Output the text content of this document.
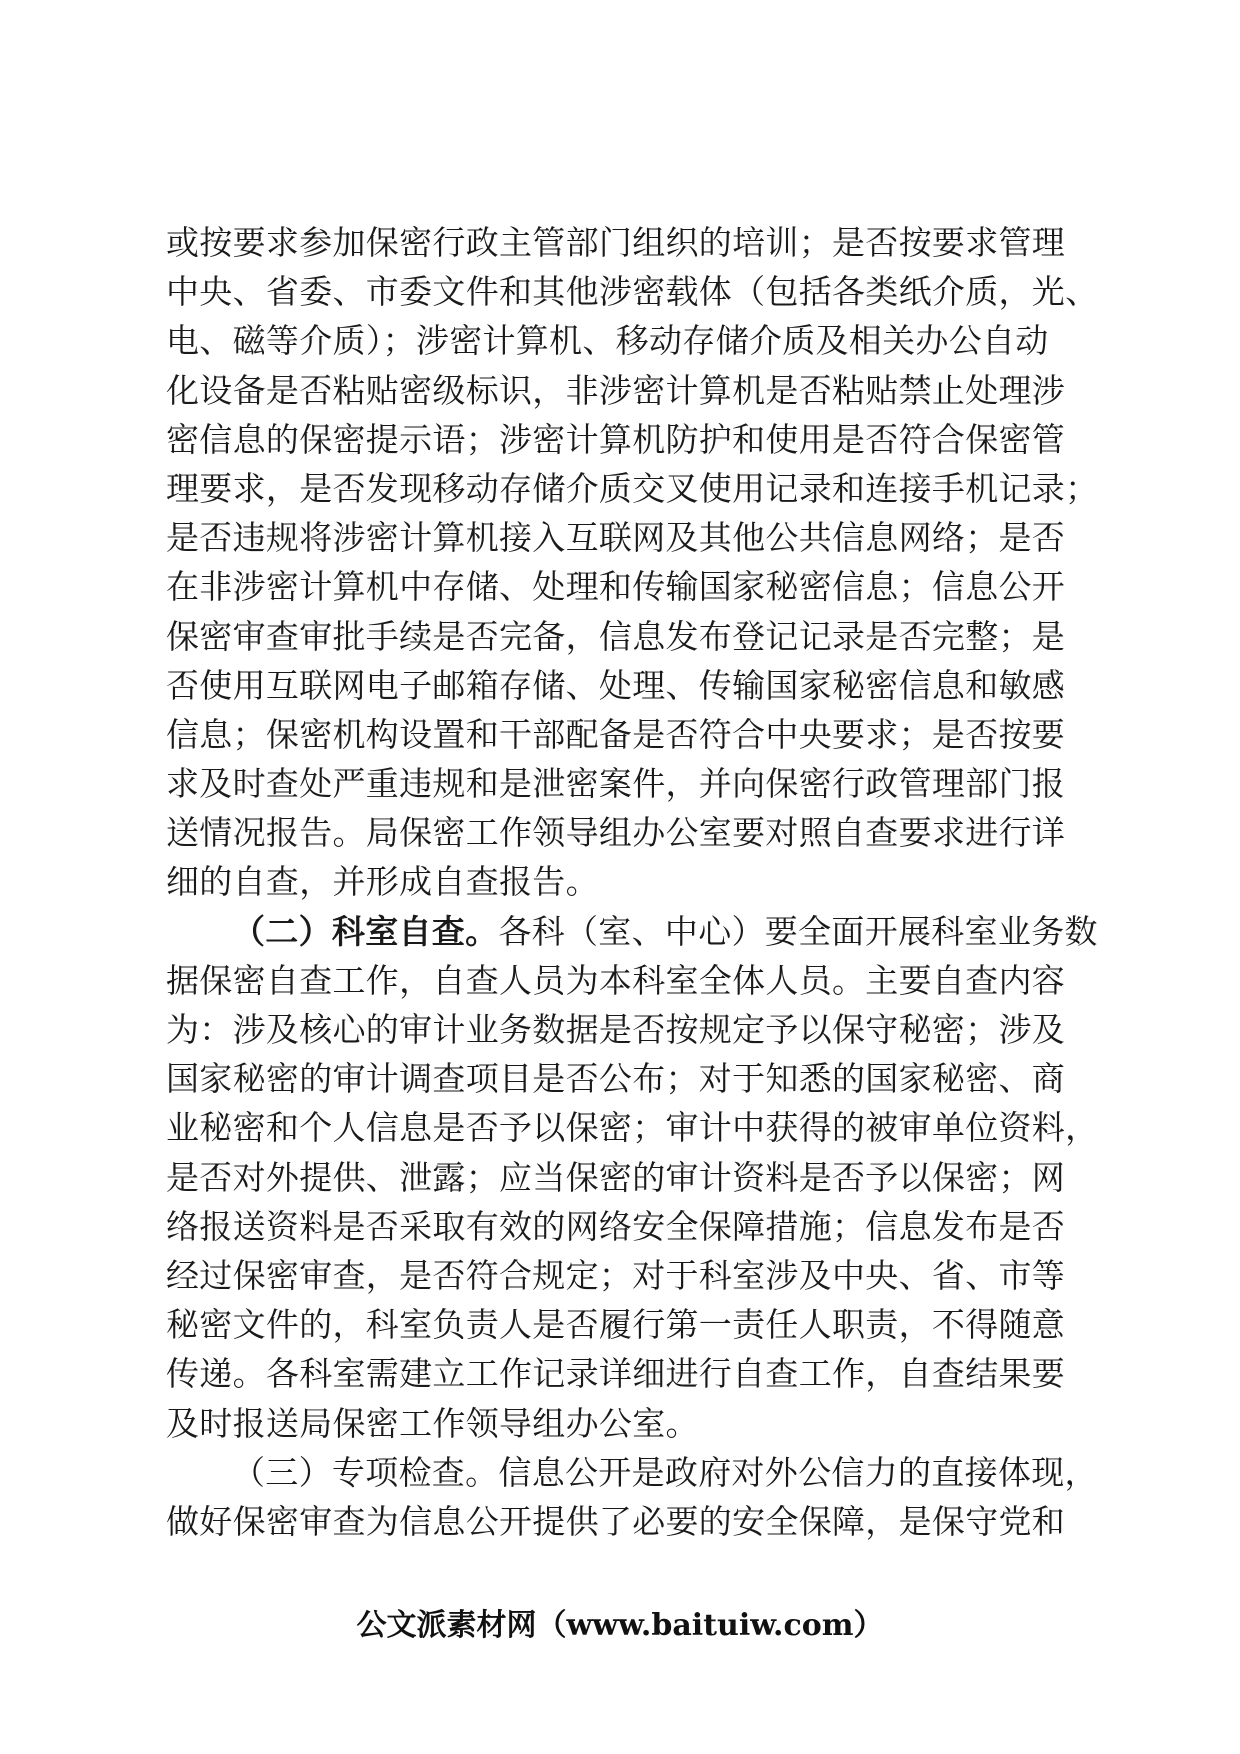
或按要求参加保密行政主管部门组织的培训；是否按要求管理
中央、省委、市委文件和其他涉密载体（包括各类纸介质，光、
电、磁等介质）；涉密计算机、移动存储介质及相关办公自动
化设备是否粘贴密级标识，非涉密计算机是否粘贴禁止处理涉
密信息的保密提示语；涉密计算机防护和使用是否符合保密管
理要求，是否发现移动存储介质交叉使用记录和连接手机记录；
是否违规将涉密计算机接入互联网及其他公共信息网络；是否
在非涉密计算机中存储、处理和传输国家秘密信息；信息公开
保密审查审批手续是否完备，信息发布登记记录是否完整；是
否使用互联网电子邮箱存储、处理、传输国家秘密信息和敏感
信息；保密机构设置和干部配备是否符合中央要求；是否按要
求及时查处严重违规和是泄密案件，并向保密行政管理部门报
送情况报告。局保密工作领导组办公室要对照自查要求进行详
细的自查，并形成自查报告。
（二）科室自查。各科（室、中心）要全面开展科室业务数
据保密自查工作，自查人员为本科室全体人员。主要自查内容
为：涉及核心的审计业务数据是否按规定予以保守秘密；涉及
国家秘密的审计调查项目是否公布；对于知悉的国家秘密、商
业秘密和个人信息是否予以保密；审计中获得的被审单位资料，
是否对外提供、泄露；应当保密的审计资料是否予以保密；网
络报送资料是否采取有效的网络安全保障措施；信息发布是否
经过保密审查，是否符合规定；对于科室涉及中央、省、市等
秘密文件的，科室负责人是否履行第一责任人职责，不得随意
传递。各科室需建立工作记录详细进行自查工作，自查结果要
及时报送局保密工作领导组办公室。
（三）专项检查。信息公开是政府对外公信力的直接体现，
做好保密审查为信息公开提供了必要的安全保障，是保守党和
公文派素材网（www.baituiw.com）
